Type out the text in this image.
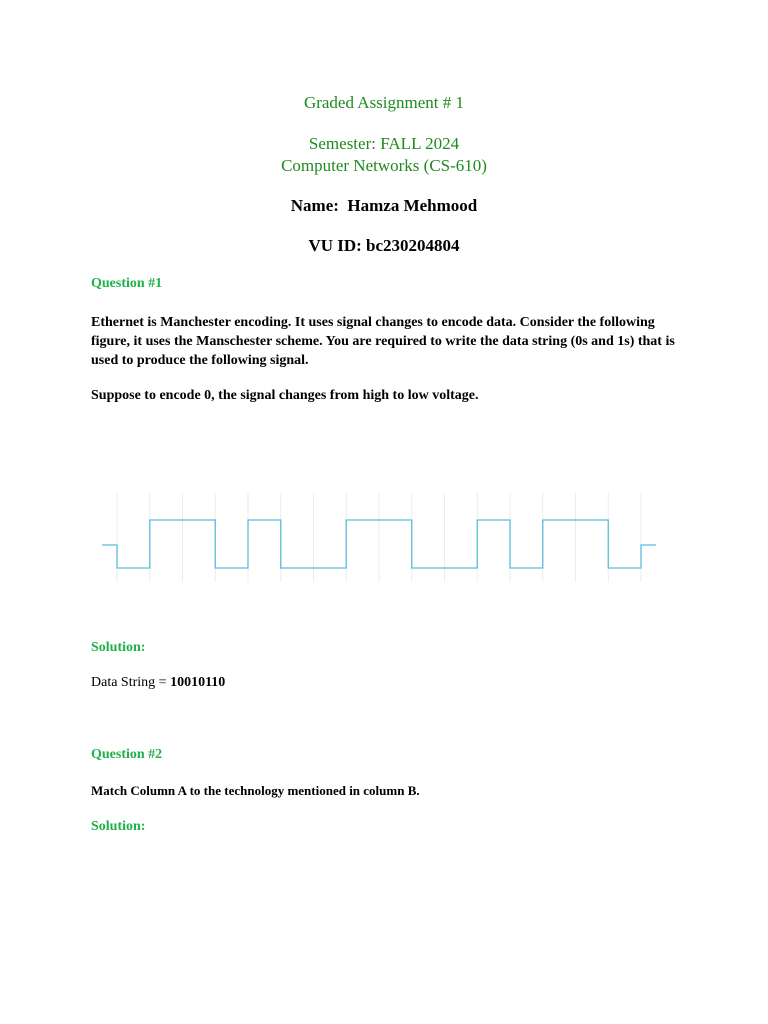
Graded Assignment # 1
Semester: FALL 2024
Computer Networks (CS-610)
Name:  Hamza Mehmood
VU ID: bc230204804
Question #1
Ethernet is Manchester encoding. It uses signal changes to encode data. Consider the following figure, it uses the Manschester scheme. You are required to write the data string (0s and 1s) that is used to produce the following signal.
Suppose to encode 0, the signal changes from high to low voltage.
Solution:
Data String = 10010110
Question #2
Match Column A to the technology mentioned in column B.
Solution:
